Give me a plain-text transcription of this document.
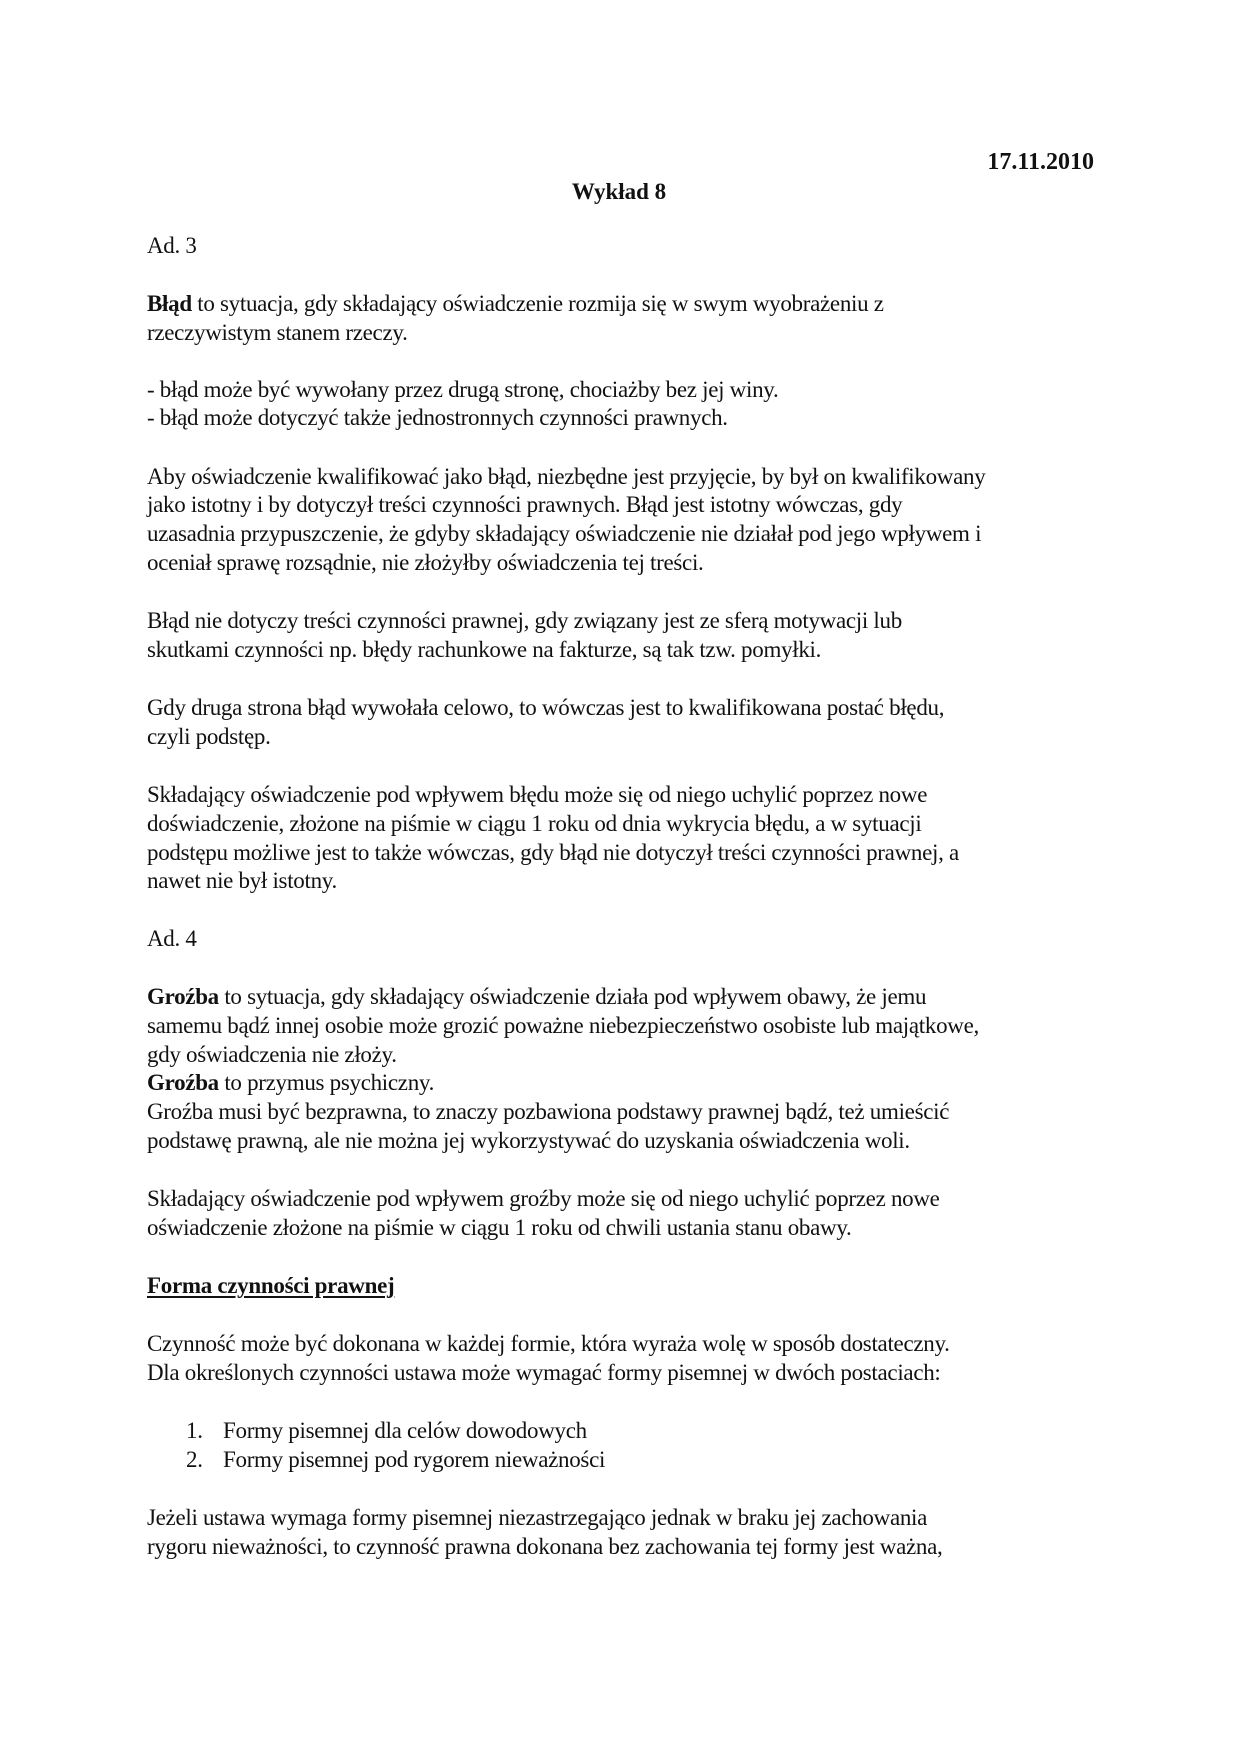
17.11.2010
Wykład 8
Ad. 3
Błąd to sytuacja, gdy składający oświadczenie rozmija się w swym wyobrażeniu z
rzeczywistym stanem rzeczy.
- błąd może być wywołany przez drugą stronę, chociażby bez jej winy.
- błąd może dotyczyć także jednostronnych czynności prawnych.
Aby oświadczenie kwalifikować jako błąd, niezbędne jest przyjęcie, by był on kwalifikowany
jako istotny i by dotyczył treści czynności prawnych. Błąd jest istotny wówczas, gdy
uzasadnia przypuszczenie, że gdyby składający oświadczenie nie działał pod jego wpływem i
oceniał sprawę rozsądnie, nie złożyłby oświadczenia tej treści.
Błąd nie dotyczy treści czynności prawnej, gdy związany jest ze sferą motywacji lub
skutkami czynności np. błędy rachunkowe na fakturze, są tak tzw. pomyłki.
Gdy druga strona błąd wywołała celowo, to wówczas jest to kwalifikowana postać błędu,
czyli podstęp.
Składający oświadczenie pod wpływem błędu może się od niego uchylić poprzez nowe
doświadczenie, złożone na piśmie w ciągu 1 roku od dnia wykrycia błędu, a w sytuacji
podstępu możliwe jest to także wówczas, gdy błąd nie dotyczył treści czynności prawnej, a
nawet nie był istotny.
Ad. 4
Groźba to sytuacja, gdy składający oświadczenie działa pod wpływem obawy, że jemu
samemu bądź innej osobie może grozić poważne niebezpieczeństwo osobiste lub majątkowe,
gdy oświadczenia nie złoży.
Groźba to przymus psychiczny.
Groźba musi być bezprawna, to znaczy pozbawiona podstawy prawnej bądź, też umieścić
podstawę prawną, ale nie można jej wykorzystywać do uzyskania oświadczenia woli.
Składający oświadczenie pod wpływem groźby może się od niego uchylić poprzez nowe
oświadczenie złożone na piśmie w ciągu 1 roku od chwili ustania stanu obawy.
Forma czynności prawnej
Czynność może być dokonana w każdej formie, która wyraża wolę w sposób dostateczny.
Dla określonych czynności ustawa może wymagać formy pisemnej w dwóch postaciach:
1. Formy pisemnej dla celów dowodowych
2. Formy pisemnej pod rygorem nieważności
Jeżeli ustawa wymaga formy pisemnej niezastrzegająco jednak w braku jej zachowania
rygoru nieważności, to czynność prawna dokonana bez zachowania tej formy jest ważna,
